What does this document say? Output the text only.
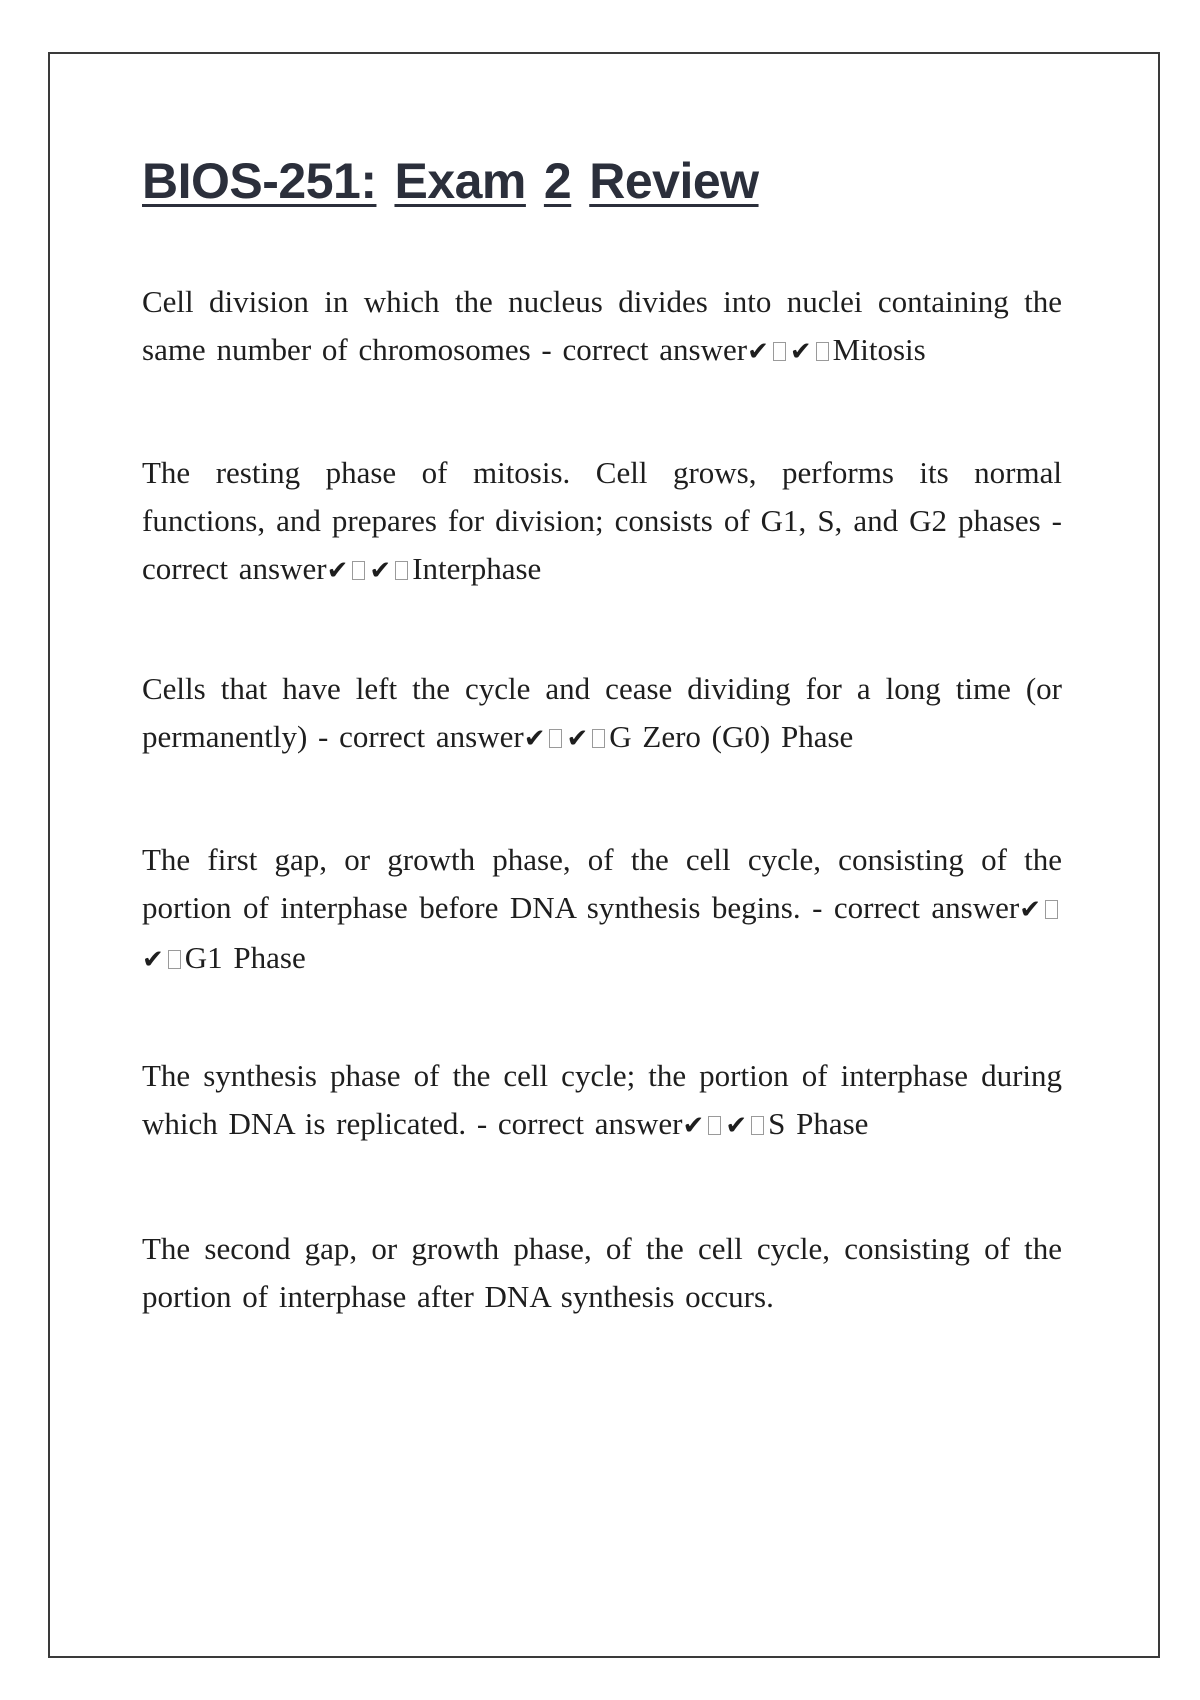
BIOS-251: Exam 2 Review

Cell division in which the nucleus divides into nuclei containing the same number of chromosomes - correct answer✔ ✔ Mitosis

The resting phase of mitosis. Cell grows, performs its normal functions, and prepares for division; consists of G1, S, and G2 phases - correct answer✔ ✔ Interphase

Cells that have left the cycle and cease dividing for a long time (or permanently) - correct answer✔ ✔ G Zero (G0) Phase

The first gap, or growth phase, of the cell cycle, consisting of the portion of interphase before DNA synthesis begins. - correct answer✔✔ G1 Phase

The synthesis phase of the cell cycle; the portion of interphase during which DNA is replicated. - correct answer✔ ✔ S Phase

The second gap, or growth phase, of the cell cycle, consisting of the portion of interphase after DNA synthesis occurs.
